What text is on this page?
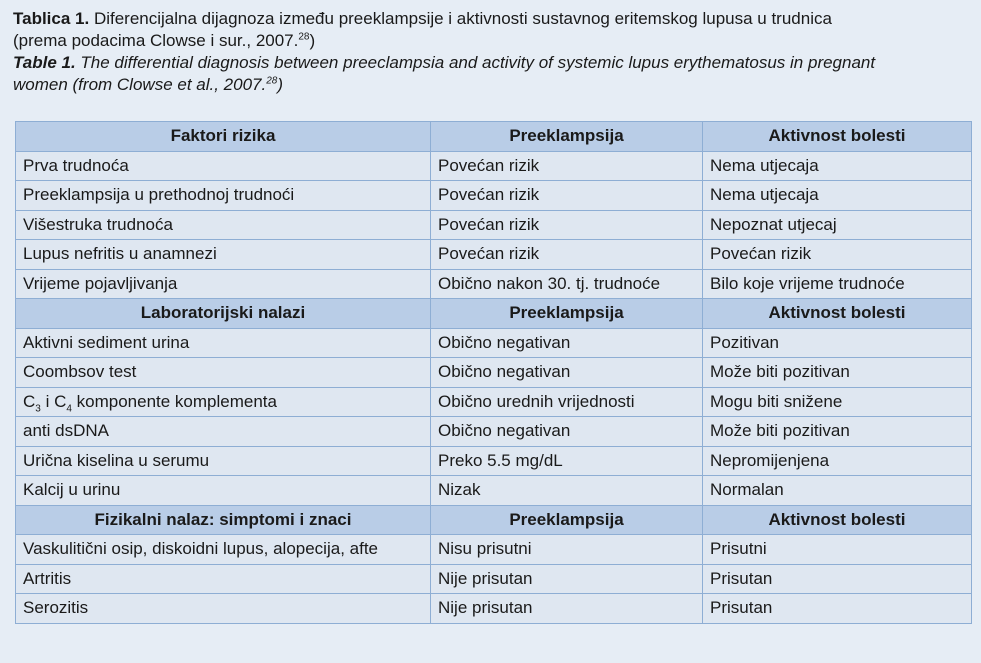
Tablica 1. Diferencijalna dijagnoza između preeklampsije i aktivnosti sustavnog eritemskog lupusa u trudnica
(prema podacima Clowse i sur., 2007.28)
Table 1. The differential diagnosis between preeclampsia and activity of systemic lupus erythematosus in pregnant
women (from Clowse et al., 2007.28)
Faktori rizika	Preeklampsija	Aktivnost bolesti
Prva trudnoća	Povećan rizik	Nema utjecaja
Preeklampsija u prethodnoj trudnoći	Povećan rizik	Nema utjecaja
Višestruka trudnoća	Povećan rizik	Nepoznat utjecaj
Lupus nefritis u anamnezi	Povećan rizik	Povećan rizik
Vrijeme pojavljivanja	Obično nakon 30. tj. trudnoće	Bilo koje vrijeme trudnoće
Laboratorijski nalazi	Preeklampsija	Aktivnost bolesti
Aktivni sediment urina	Obično negativan	Pozitivan
Coombsov test	Obično negativan	Može biti pozitivan
$C_3$ i $C_4$ komponente komplementa	Obično urednih vrijednosti	Mogu biti snižene
anti dsDNA	Obično negativan	Može biti pozitivan
Urična kiselina u serumu	Preko 5.5 mg/dL	Nepromijenjena
Kalcij u urinu	Nizak	Normalan
Fizikalni nalaz: simptomi i znaci	Preeklampsija	Aktivnost bolesti
Vaskulitični osip, diskoidni lupus, alopecija, afte	Nisu prisutni	Prisutni
Artritis	Nije prisutan	Prisutan
Serozitis	Nije prisutan	Prisutan
